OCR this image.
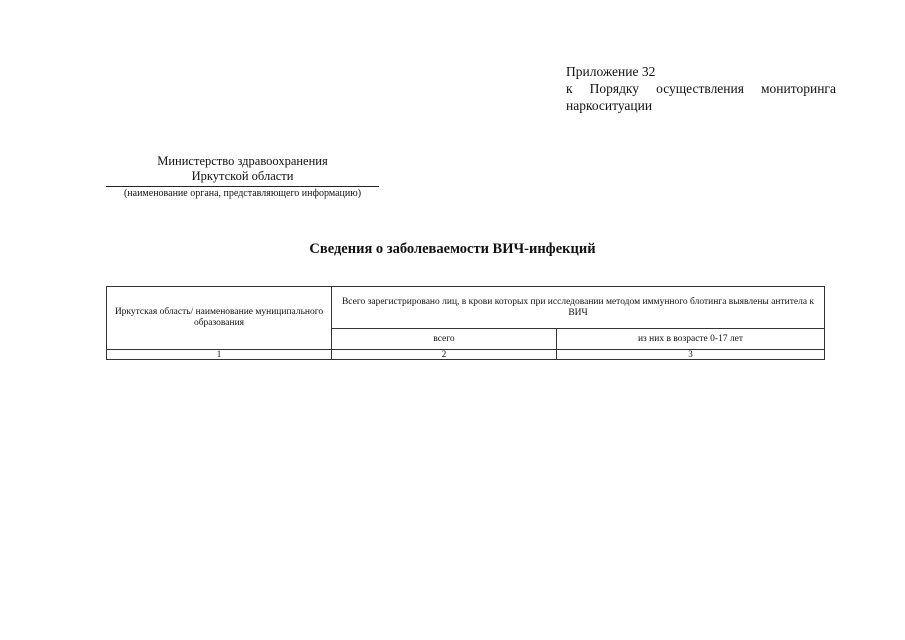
Приложение 32
к Порядку осуществления мониторинга
наркоситуации
Министерство здравоохранения
Иркутской области
(наименование органа, представляющего информацию)
Сведения о заболеваемости ВИЧ-инфекций
Иркутская область/ наименование муниципального образования	Всего зарегистрировано лиц, в крови которых при исследовании методом иммунного блотинга выявлены антитела к ВИЧ	
	всего	из них в возрасте 0-17 лет
1	2	3
